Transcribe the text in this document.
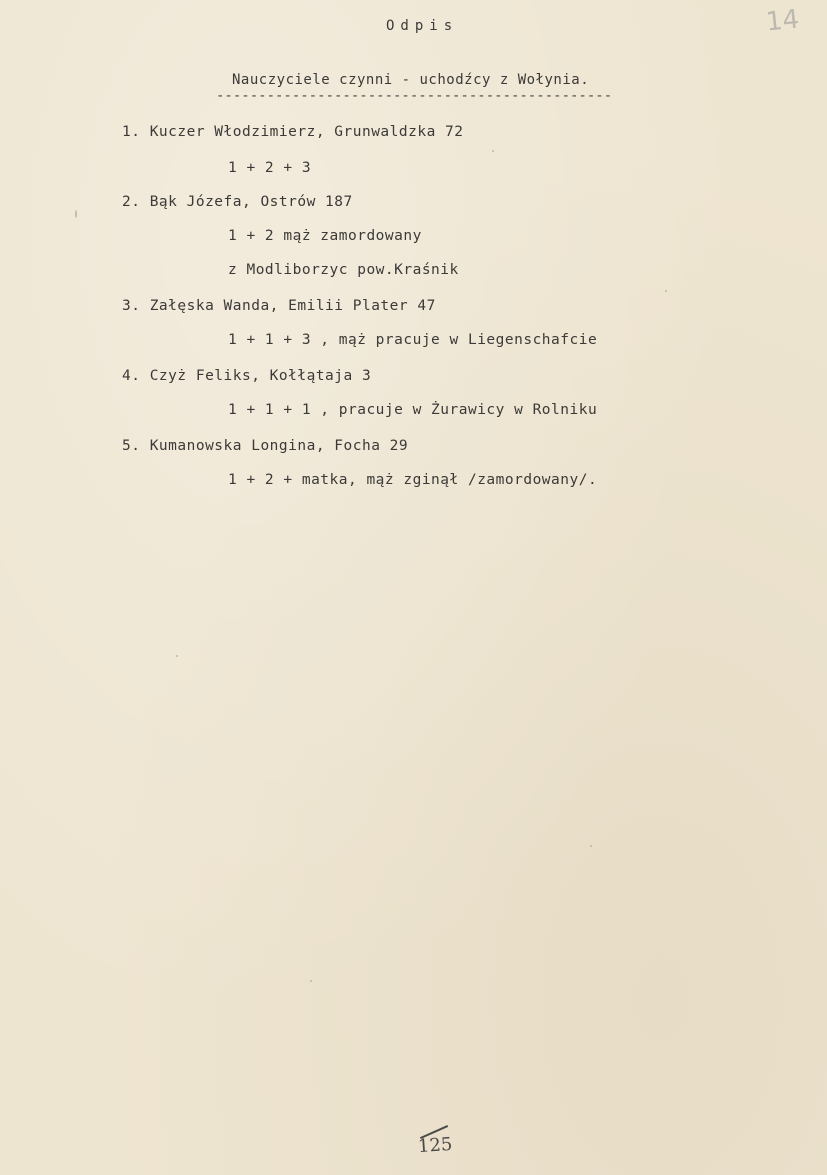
14
Odpis
Nauczyciele czynni - uchodźcy z Wołynia.
-----------------------------------------------
1. Kuczer Włodzimierz, Grunwaldzka 72
1 + 2 + 3
2. Bąk Józefa, Ostrów 187
1 + 2 mąż zamordowany
z Modliborzyc pow.Kraśnik
3. Załęska Wanda, Emilii Plater 47
1 + 1 + 3 , mąż pracuje w Liegenschafcie
4. Czyż Feliks, Kołłątaja 3
1 + 1 + 1 , pracuje w Żurawicy w Rolniku
5. Kumanowska Longina, Focha 29
1 + 2 + matka, mąż zginął /zamordowany/.
125
